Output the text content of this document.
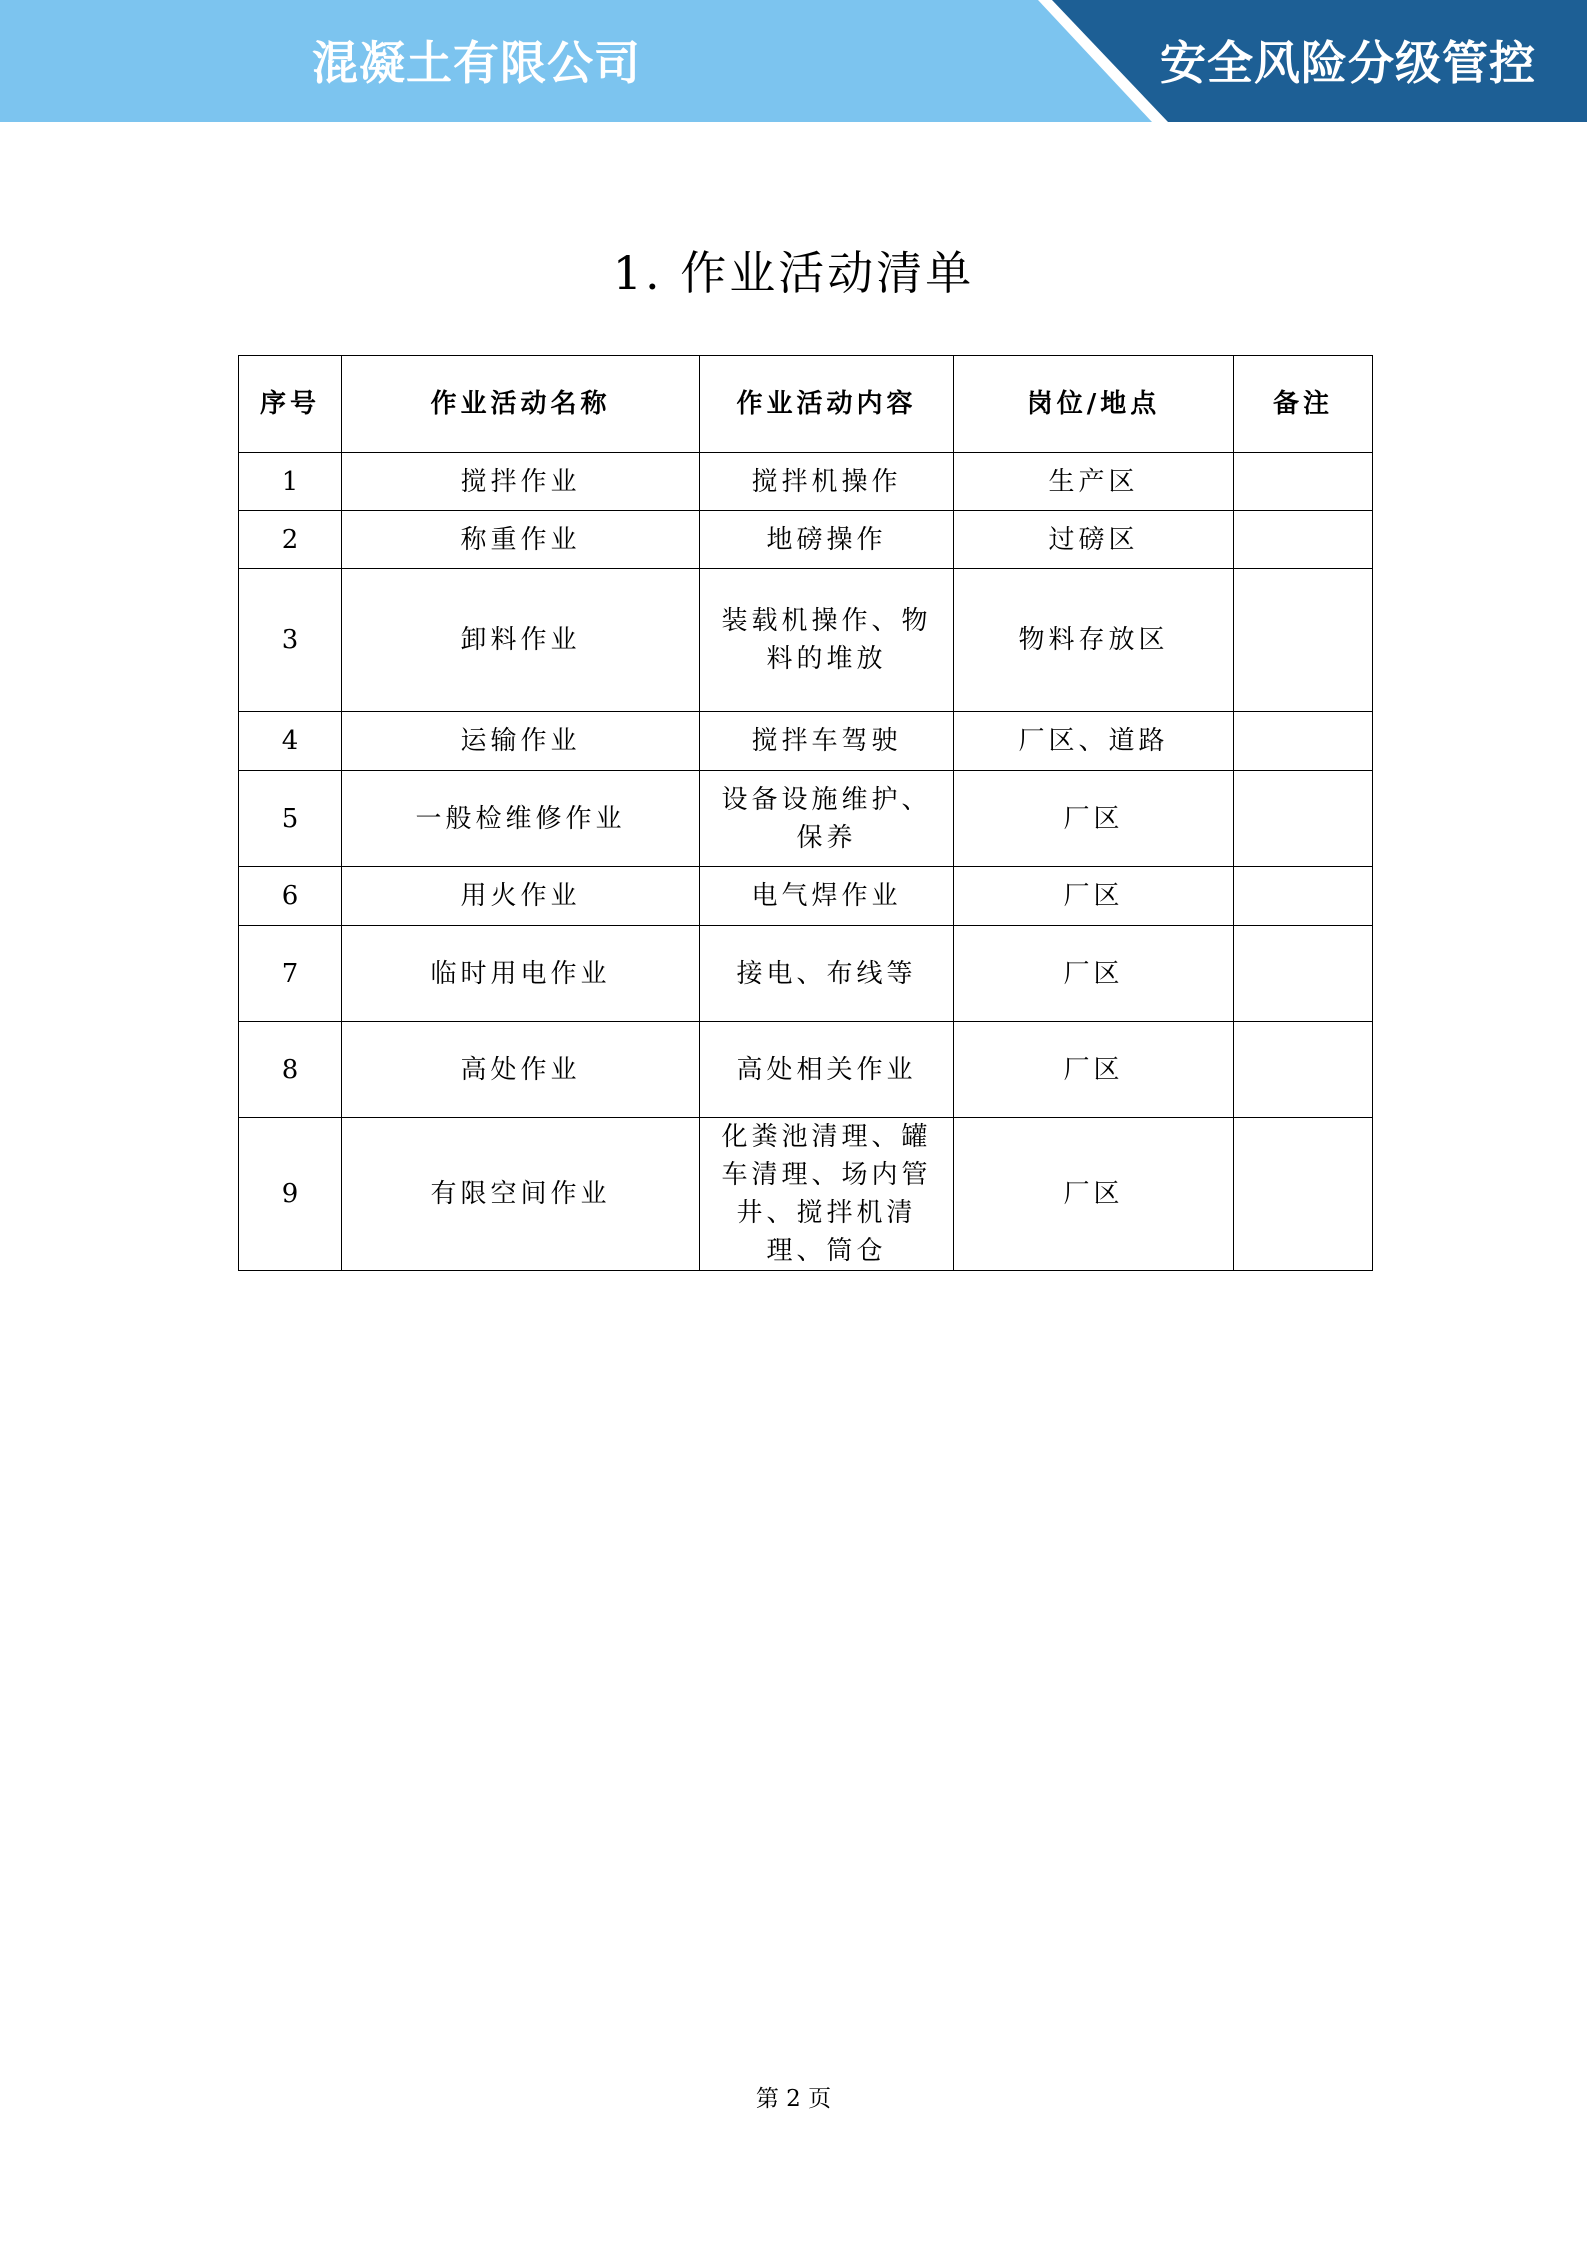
混凝土有限公司	安全风险分级管控
1. 作业活动清单
序号	作业活动名称	作业活动内容	岗位/地点	备注
1	搅拌作业	搅拌机操作	生产区	
2	称重作业	地磅操作	过磅区	
3	卸料作业	装载机操作、物料的堆放	物料存放区	
4	运输作业	搅拌车驾驶	厂区、道路	
5	一般检维修作业	设备设施维护、保养	厂区	
6	用火作业	电气焊作业	厂区	
7	临时用电作业	接电、布线等	厂区	
8	高处作业	高处相关作业	厂区	
9	有限空间作业	化粪池清理、罐车清理、场内管井、搅拌机清理、筒仓	厂区	
第 2 页
